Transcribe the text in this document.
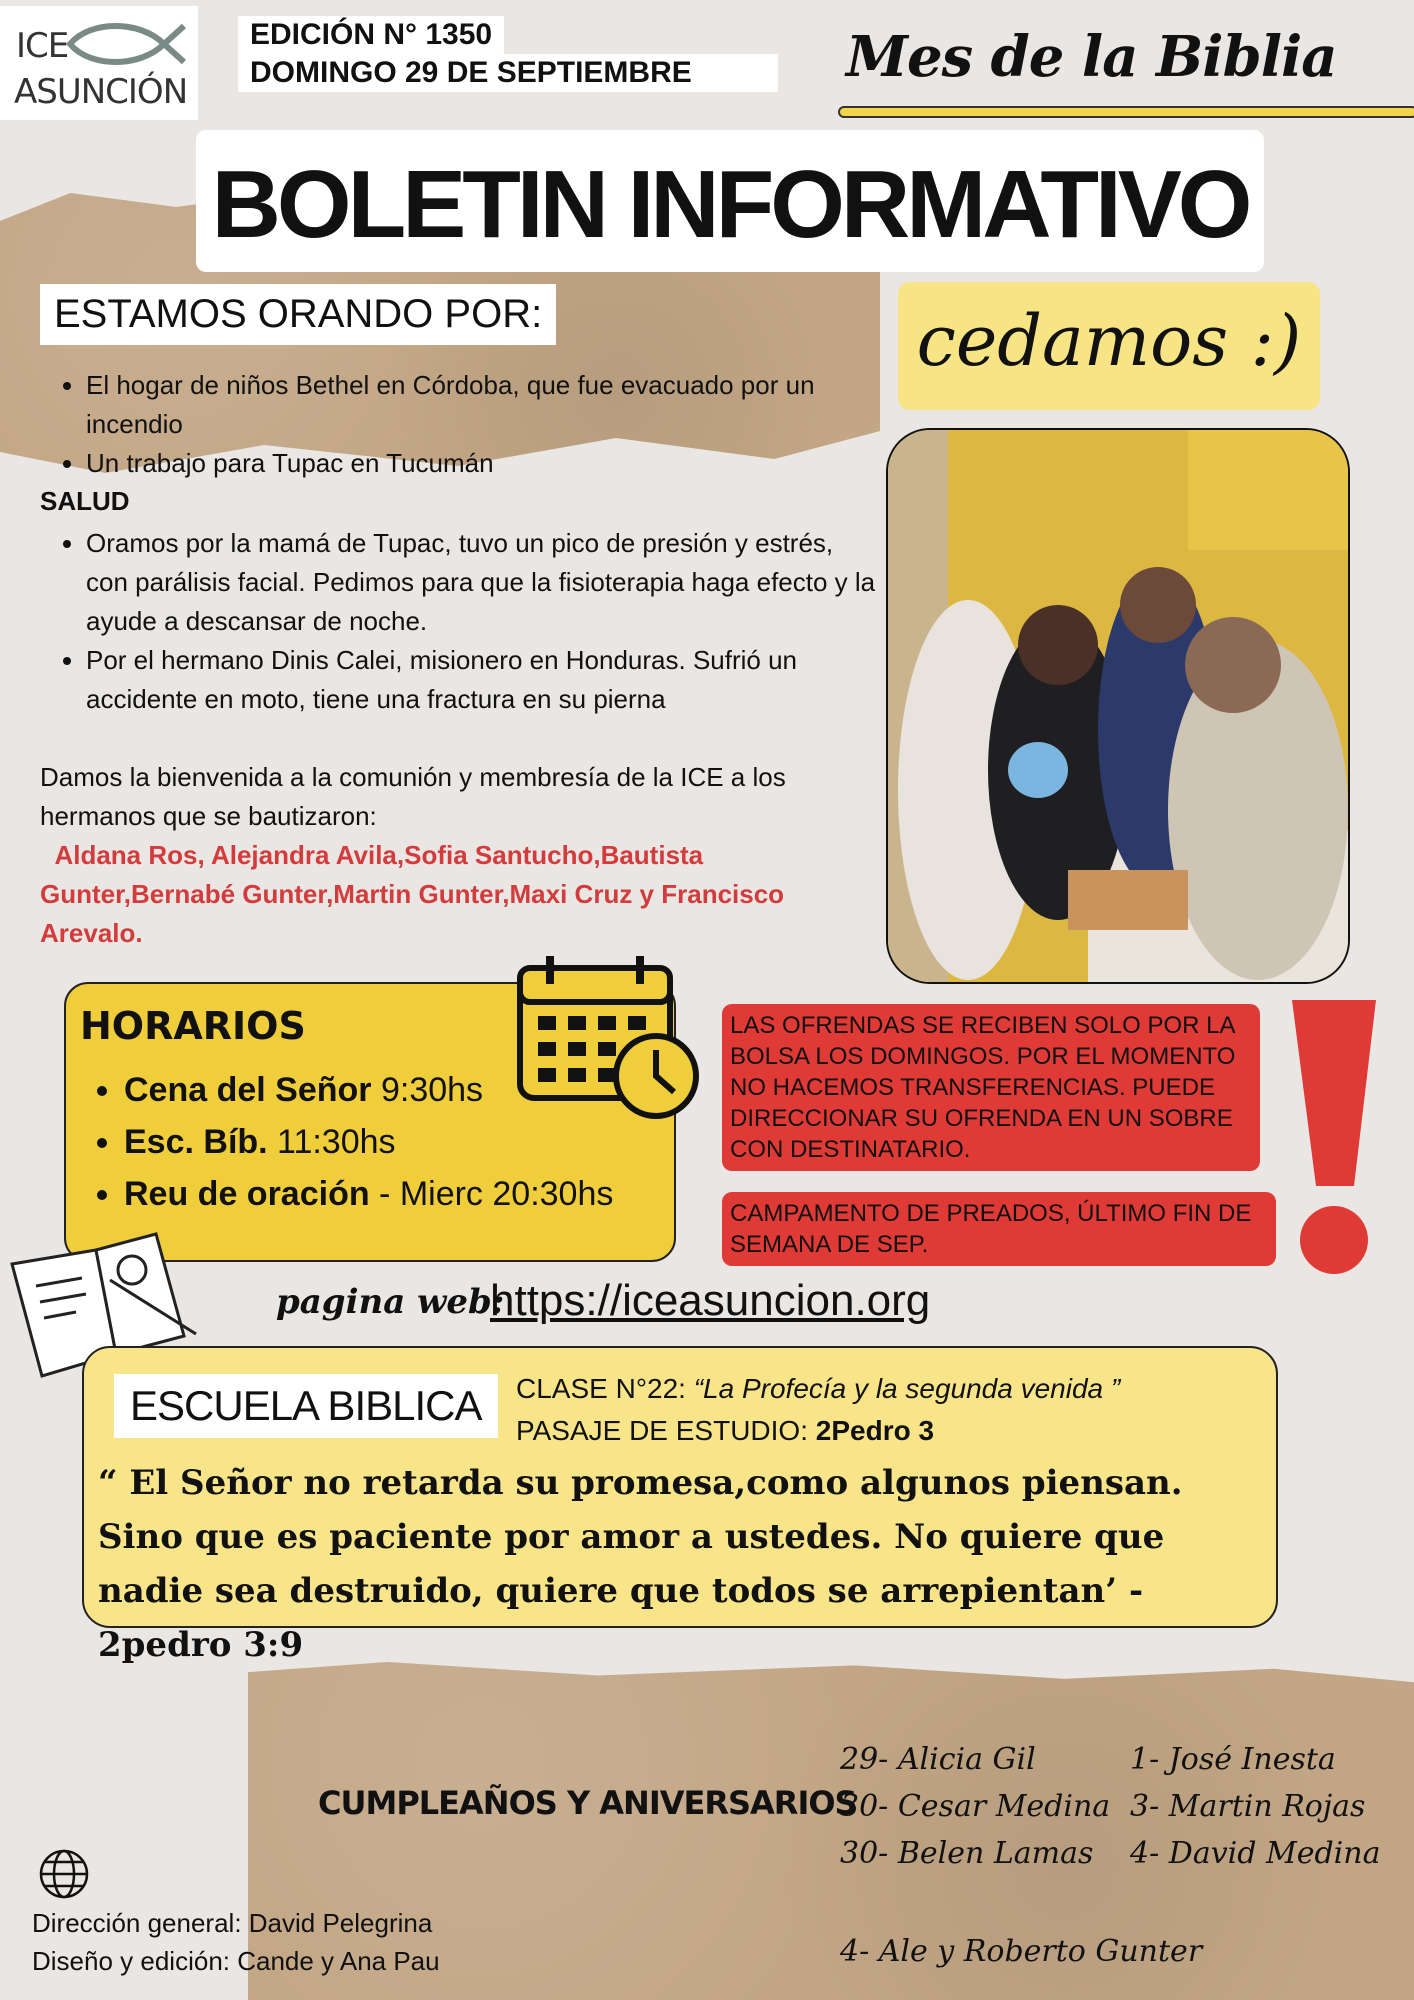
ICE
ASUNCIÓN
EDICIÓN N° 1350
DOMINGO 29 DE SEPTIEMBRE	Mes de la Biblia
BOLETIN INFORMATIVO
ESTAMOS ORANDO POR:
• El hogar de niños Bethel en Córdoba, que fue evacuado por un incendio
• Un trabajo para Tupac en Tucumán
SALUD
• Oramos por la mamá de Tupac, tuvo un pico de presión y estrés, con parálisis facial. Pedimos para que la fisioterapia haga efecto y la ayude a descansar de noche.
• Por el hermano Dinis Calei, misionero en Honduras. Sufrió un accidente en moto, tiene una fractura en su pierna
Damos la bienvenida a la comunión y membresía de la ICE a los hermanos que se bautizaron:
Aldana Ros, Alejandra Avila,Sofia Santucho,Bautista Gunter,Bernabé Gunter,Martin Gunter,Maxi Cruz y Francisco Arevalo.
cedamos :)
HORARIOS
• Cena del Señor 9:30hs
• Esc. Bíb. 11:30hs
• Reu de oración - Mierc 20:30hs
LAS OFRENDAS SE RECIBEN SOLO POR LA BOLSA LOS DOMINGOS. POR EL MOMENTO NO HACEMOS TRANSFERENCIAS. PUEDE DIRECCIONAR SU OFRENDA EN UN SOBRE CON DESTINATARIO.
CAMPAMENTO DE PREADOS, ÚLTIMO FIN DE SEMANA DE SEP.
pagina web:
https://iceasuncion.org
ESCUELA BIBLICA	CLASE N°22: “La Profecía y la segunda venida ”
PASAJE DE ESTUDIO: 2Pedro 3
“ El Señor no retarda su promesa,como algunos piensan. Sino que es paciente por amor a ustedes. No quiere que nadie sea destruido, quiere que todos se arrepientan’ - 2pedro 3:9
CUMPLEAÑOS Y ANIVERSARIOS
29- Alicia Gil
30- Cesar Medina
30- Belen Lamas
1- José Inesta
3- Martin Rojas
4- David Medina
4- Ale y Roberto Gunter
Dirección general: David Pelegrina
Diseño y edición: Cande y Ana Pau
